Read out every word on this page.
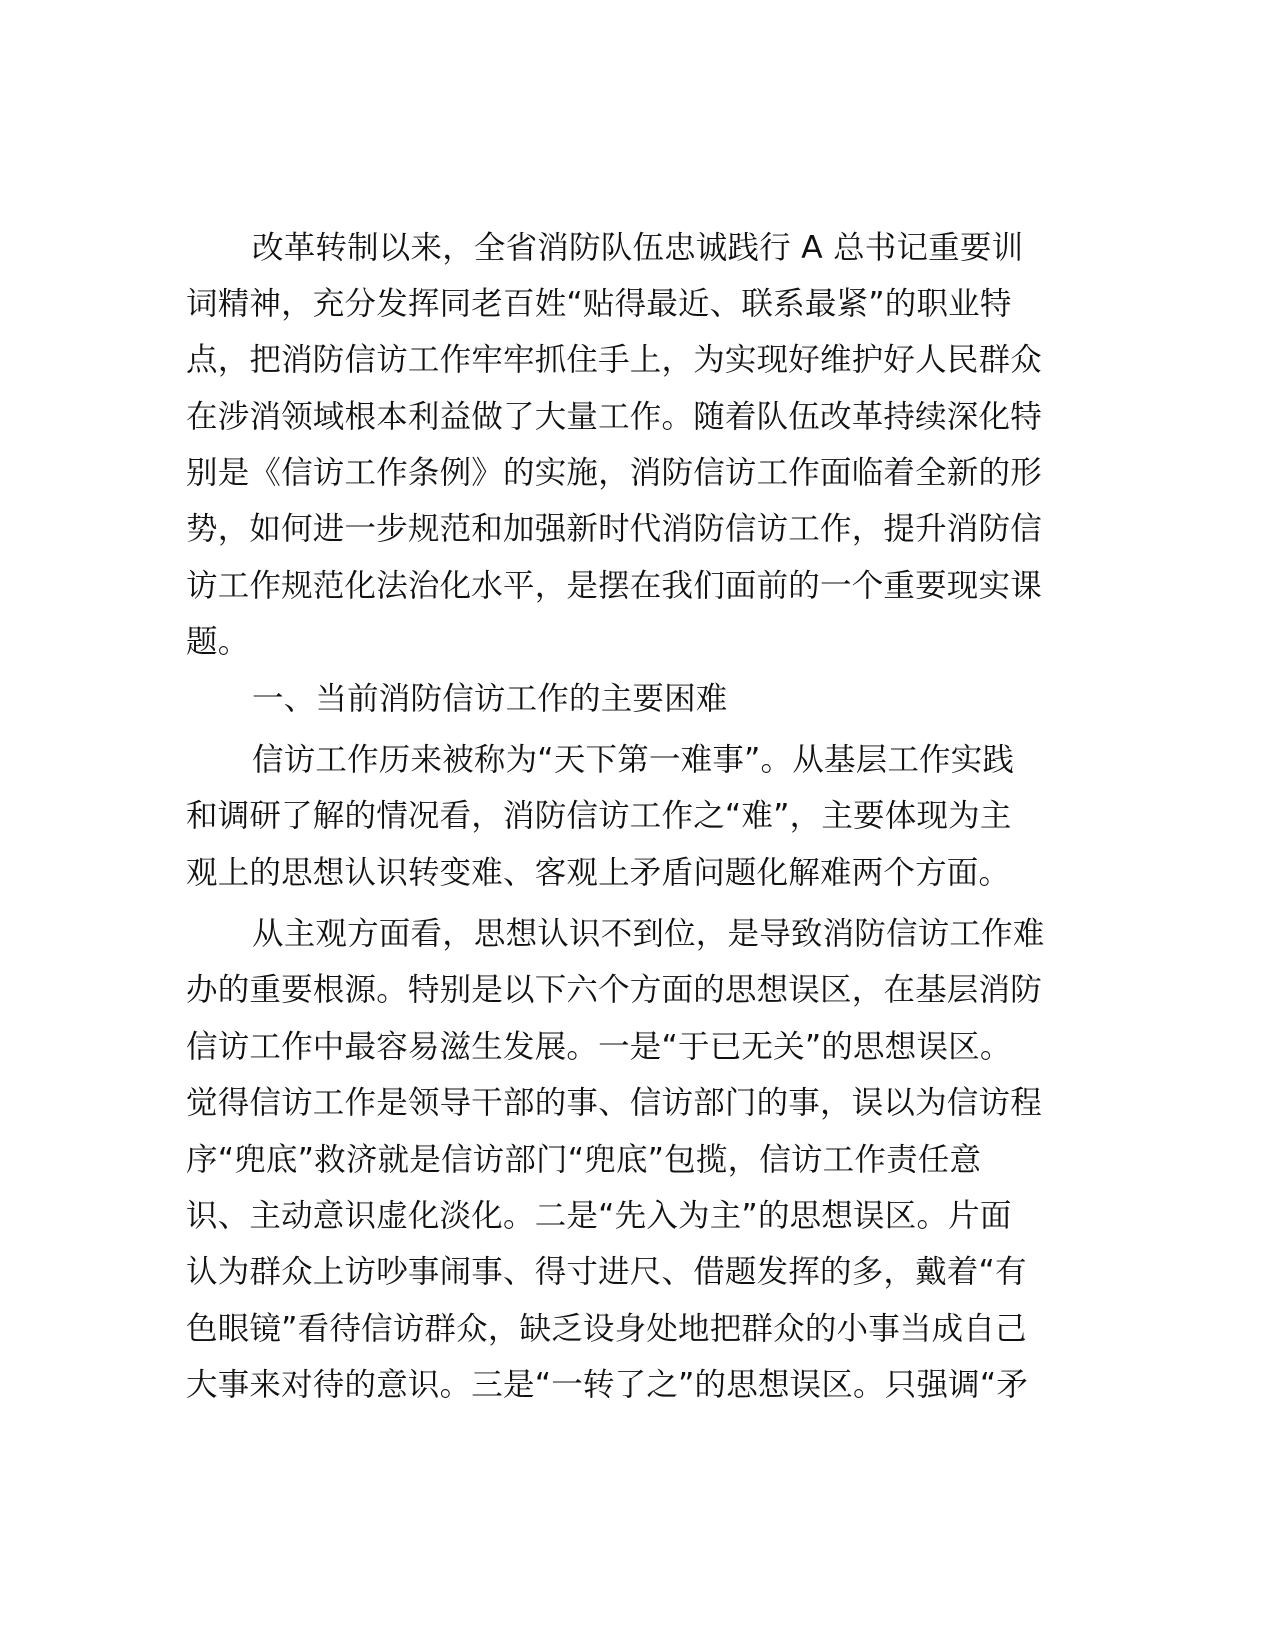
改革转制以来，全省消防队伍忠诚践行 A 总书记重要训
词精神，充分发挥同老百姓“贴得最近、联系最紧”的职业特
点，把消防信访工作牢牢抓住手上，为实现好维护好人民群众
在涉消领域根本利益做了大量工作。随着队伍改革持续深化特
别是《信访工作条例》的实施，消防信访工作面临着全新的形
势，如何进一步规范和加强新时代消防信访工作，提升消防信
访工作规范化法治化水平，是摆在我们面前的一个重要现实课
题。
一、当前消防信访工作的主要困难
信访工作历来被称为“天下第一难事”。从基层工作实践
和调研了解的情况看，消防信访工作之“难”，主要体现为主
观上的思想认识转变难、客观上矛盾问题化解难两个方面。
从主观方面看，思想认识不到位，是导致消防信访工作难
办的重要根源。特别是以下六个方面的思想误区，在基层消防
信访工作中最容易滋生发展。一是“于已无关”的思想误区。
觉得信访工作是领导干部的事、信访部门的事，误以为信访程
序“兜底”救济就是信访部门“兜底”包揽，信访工作责任意
识、主动意识虚化淡化。二是“先入为主”的思想误区。片面
认为群众上访吵事闹事、得寸进尺、借题发挥的多，戴着“有
色眼镜”看待信访群众，缺乏设身处地把群众的小事当成自己
大事来对待的意识。三是“一转了之”的思想误区。只强调“矛
